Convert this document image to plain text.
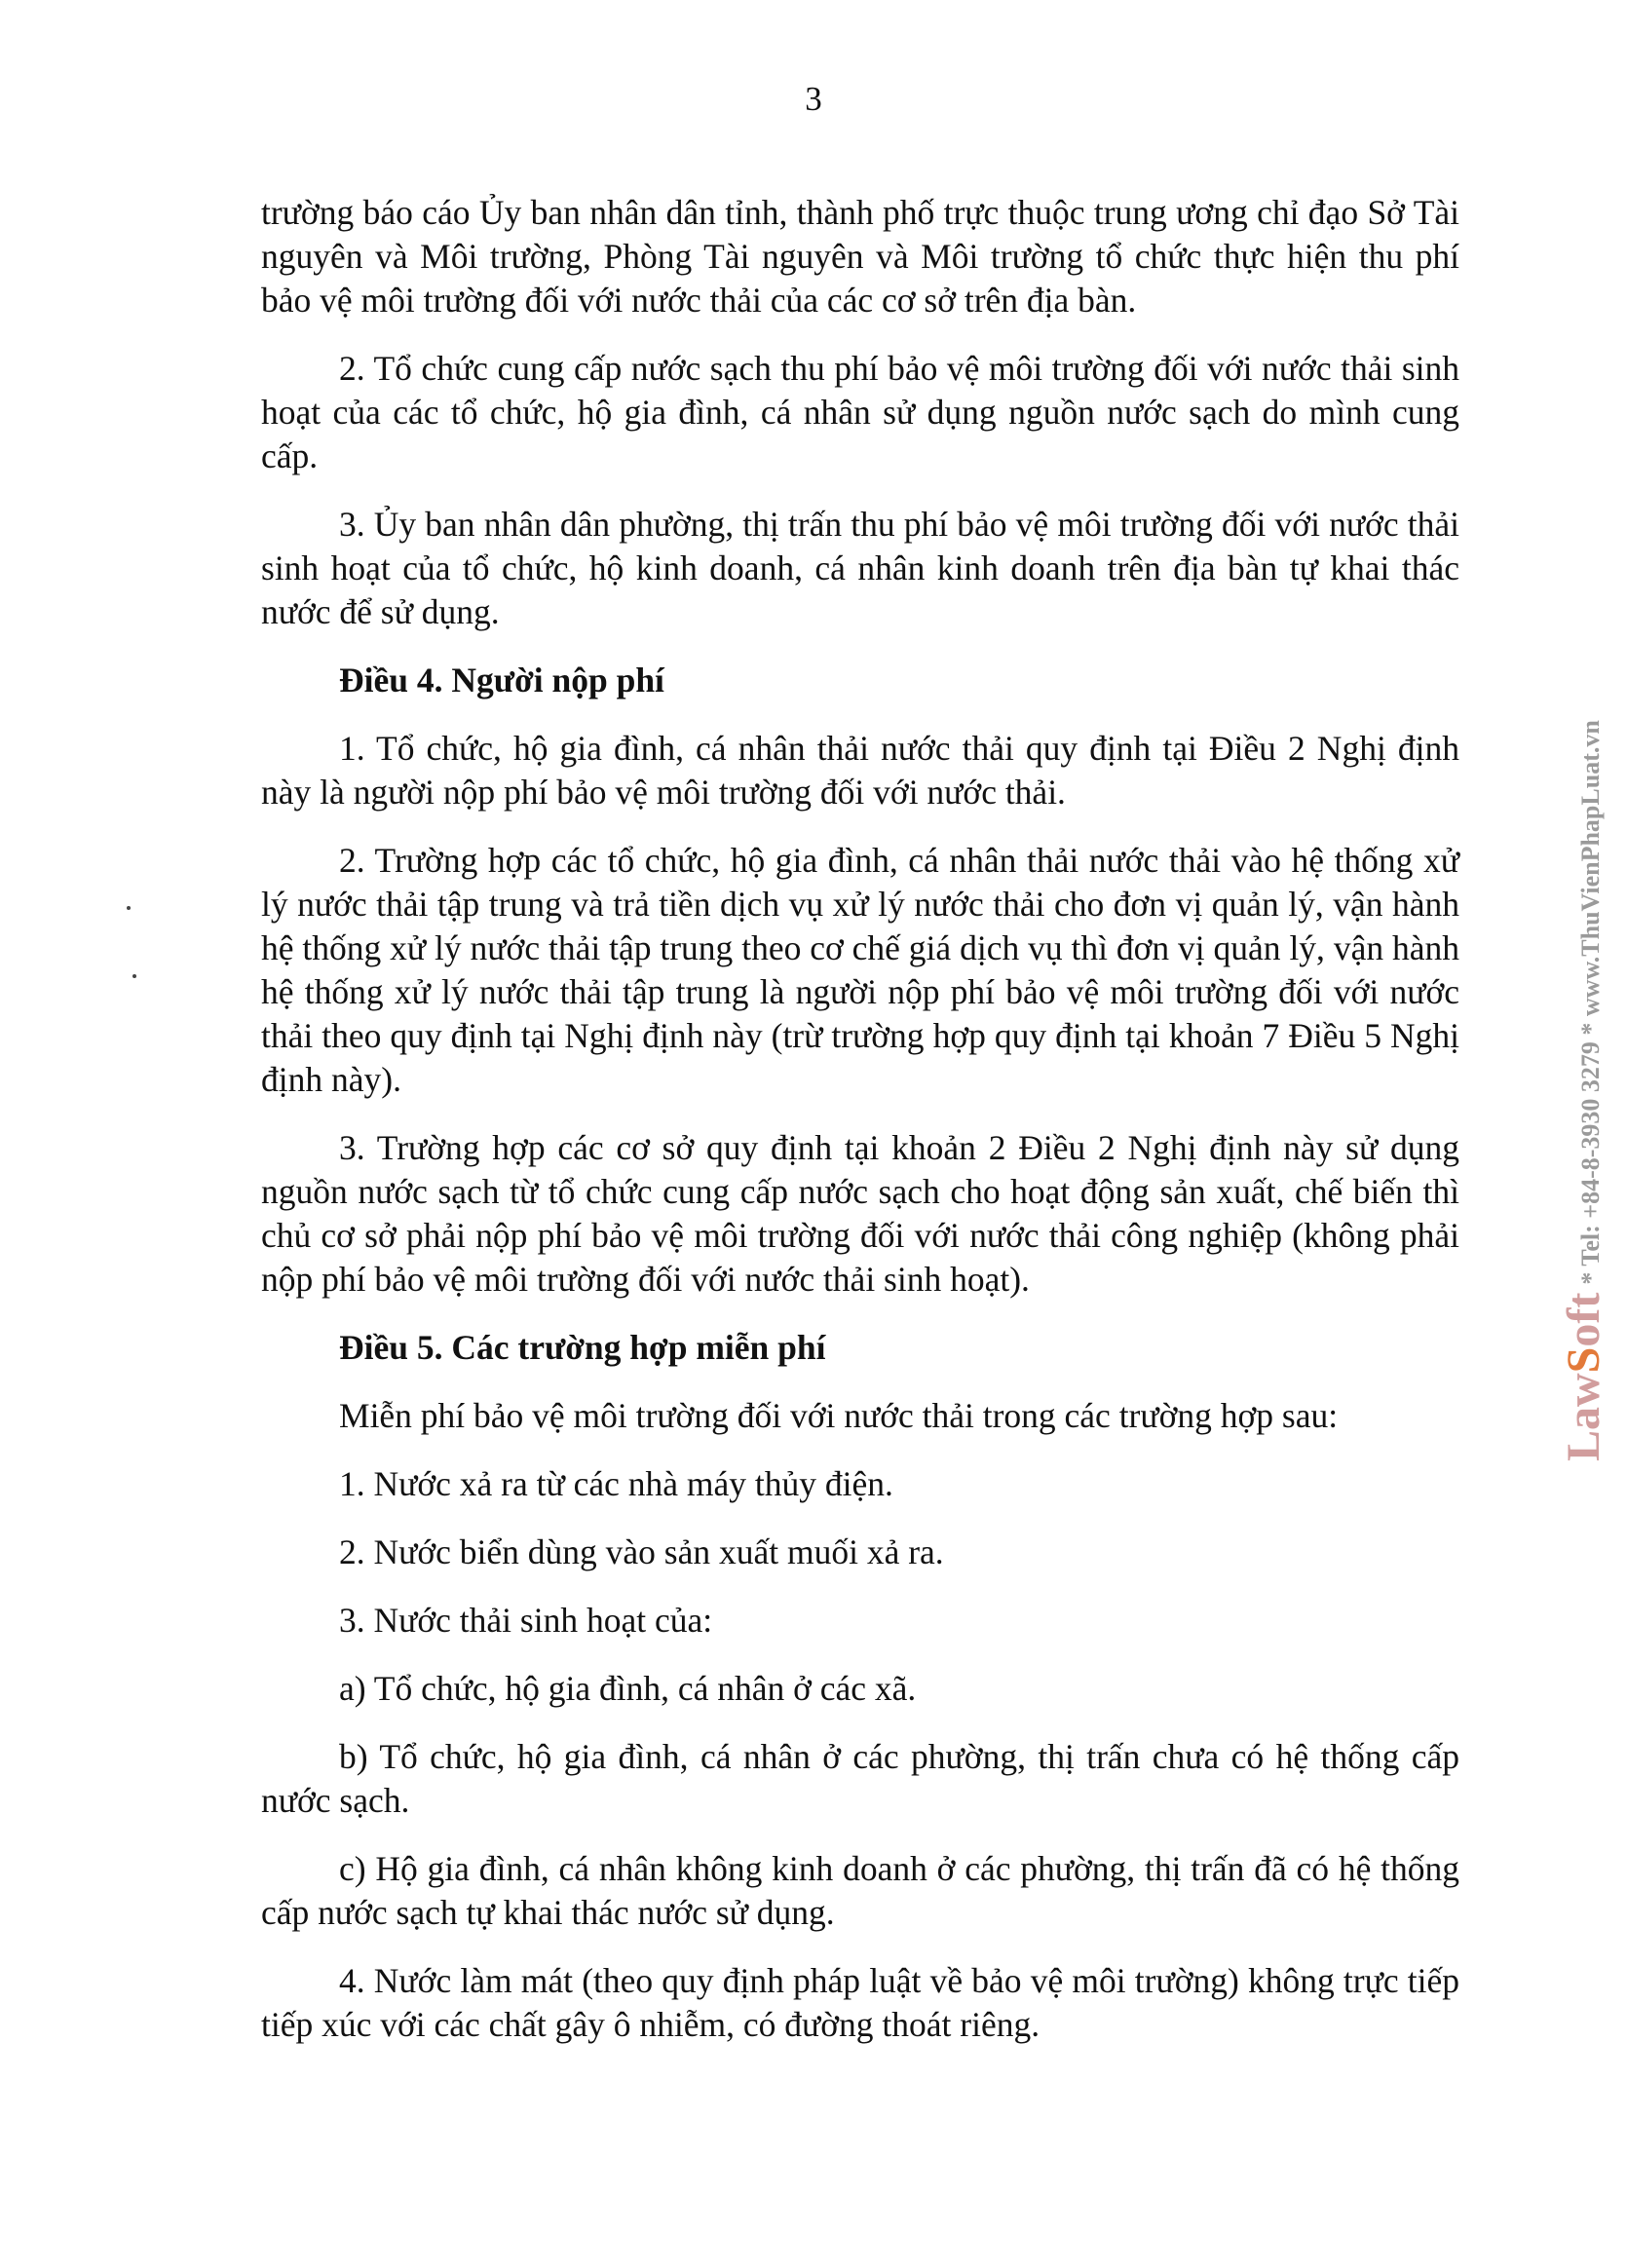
3

trường báo cáo Ủy ban nhân dân tỉnh, thành phố trực thuộc trung ương chỉ đạo Sở Tài nguyên và Môi trường, Phòng Tài nguyên và Môi trường tổ chức thực hiện thu phí bảo vệ môi trường đối với nước thải của các cơ sở trên địa bàn.

2. Tổ chức cung cấp nước sạch thu phí bảo vệ môi trường đối với nước thải sinh hoạt của các tổ chức, hộ gia đình, cá nhân sử dụng nguồn nước sạch do mình cung cấp.

3. Ủy ban nhân dân phường, thị trấn thu phí bảo vệ môi trường đối với nước thải sinh hoạt của tổ chức, hộ kinh doanh, cá nhân kinh doanh trên địa bàn tự khai thác nước để sử dụng.

Điều 4. Người nộp phí

1. Tổ chức, hộ gia đình, cá nhân thải nước thải quy định tại Điều 2 Nghị định này là người nộp phí bảo vệ môi trường đối với nước thải.

2. Trường hợp các tổ chức, hộ gia đình, cá nhân thải nước thải vào hệ thống xử lý nước thải tập trung và trả tiền dịch vụ xử lý nước thải cho đơn vị quản lý, vận hành hệ thống xử lý nước thải tập trung theo cơ chế giá dịch vụ thì đơn vị quản lý, vận hành hệ thống xử lý nước thải tập trung là người nộp phí bảo vệ môi trường đối với nước thải theo quy định tại Nghị định này (trừ trường hợp quy định tại khoản 7 Điều 5 Nghị định này).

3. Trường hợp các cơ sở quy định tại khoản 2 Điều 2 Nghị định này sử dụng nguồn nước sạch từ tổ chức cung cấp nước sạch cho hoạt động sản xuất, chế biến thì chủ cơ sở phải nộp phí bảo vệ môi trường đối với nước thải công nghiệp (không phải nộp phí bảo vệ môi trường đối với nước thải sinh hoạt).

Điều 5. Các trường hợp miễn phí

Miễn phí bảo vệ môi trường đối với nước thải trong các trường hợp sau:

1. Nước xả ra từ các nhà máy thủy điện.

2. Nước biển dùng vào sản xuất muối xả ra.

3. Nước thải sinh hoạt của:

a) Tổ chức, hộ gia đình, cá nhân ở các xã.

b) Tổ chức, hộ gia đình, cá nhân ở các phường, thị trấn chưa có hệ thống cấp nước sạch.

c) Hộ gia đình, cá nhân không kinh doanh ở các phường, thị trấn đã có hệ thống cấp nước sạch tự khai thác nước sử dụng.

4. Nước làm mát (theo quy định pháp luật về bảo vệ môi trường) không trực tiếp tiếp xúc với các chất gây ô nhiễm, có đường thoát riêng.

LawSoft* Tel: +84-8-3930 3279 * www.ThuVienPhapLuat.vn
